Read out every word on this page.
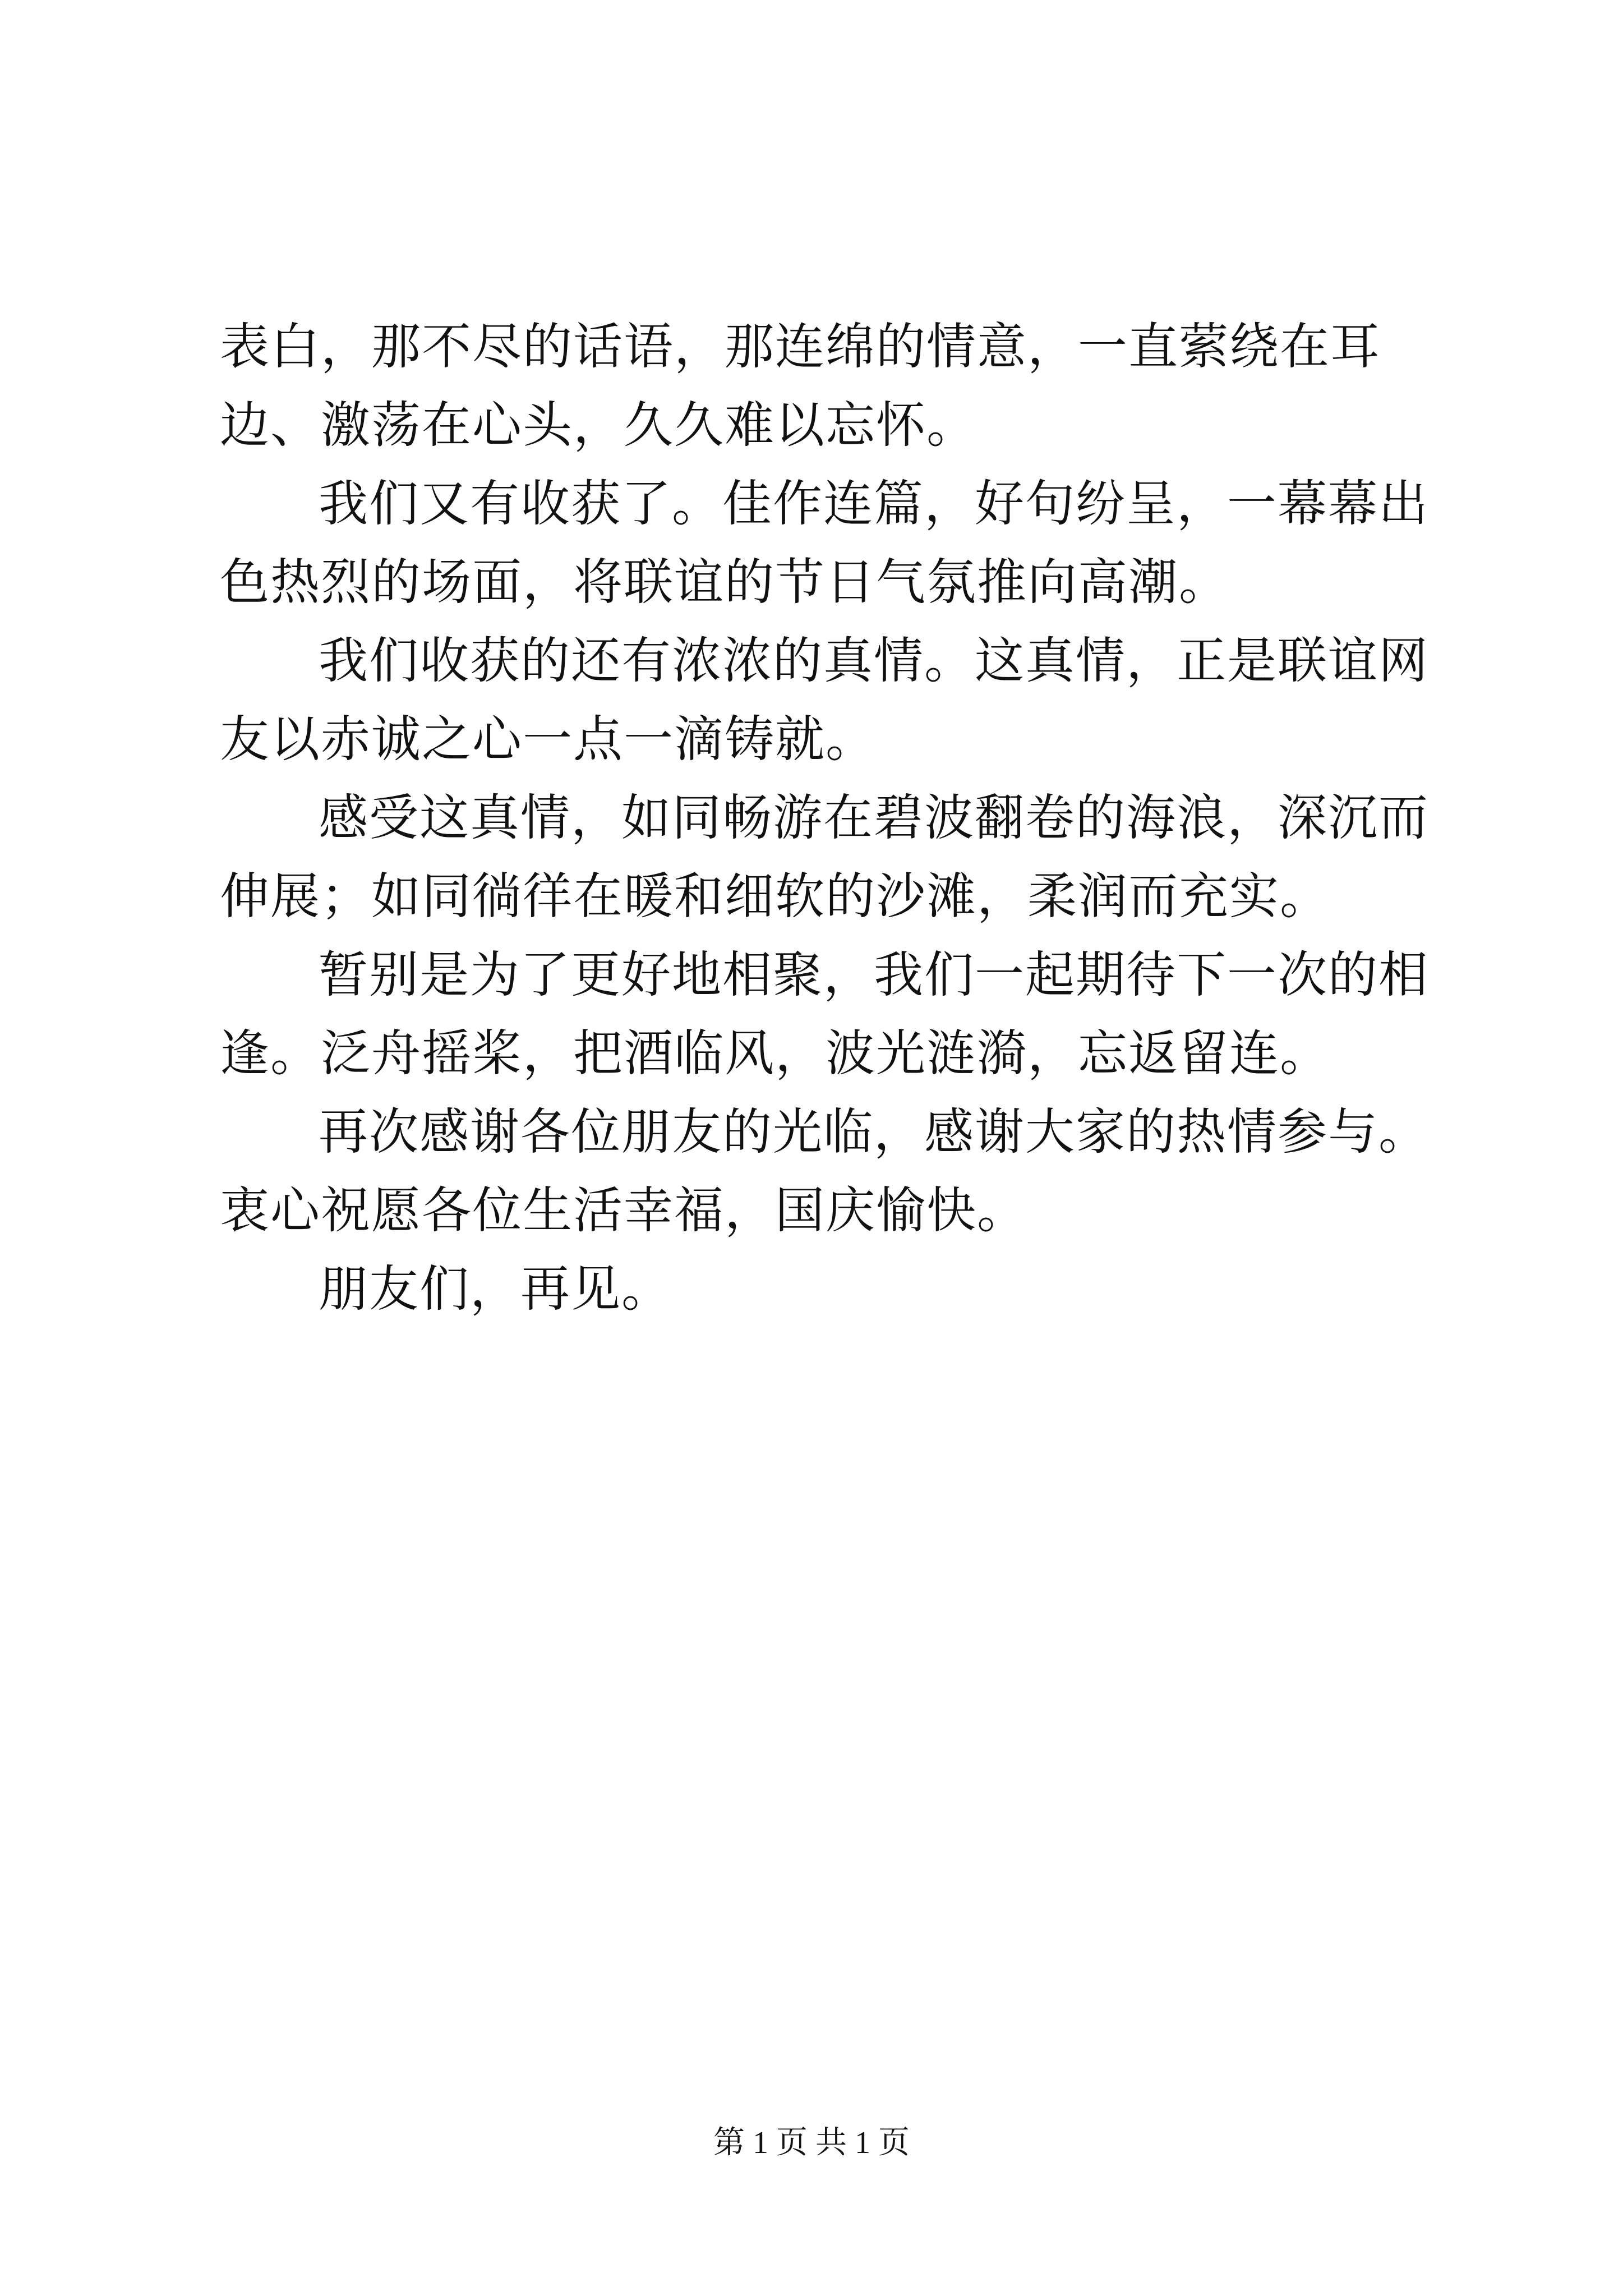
表白，那不尽的话语，那连绵的情意，一直萦绕在耳边、激荡在心头，久久难以忘怀。

我们又有收获了。佳作连篇，好句纷呈，一幕幕出色热烈的场面，将联谊的节日气氛推向高潮。

我们收获的还有浓浓的真情。这真情，正是联谊网友以赤诚之心一点一滴铸就。

感受这真情，如同畅游在碧波翻卷的海浪，深沉而伸展；如同徜徉在暖和细软的沙滩，柔润而充实。

暂别是为了更好地相聚，我们一起期待下一次的相逢。泛舟摇桨，把酒临风，波光涟漪，忘返留连。

再次感谢各位朋友的光临，感谢大家的热情参与。衷心祝愿各位生活幸福，国庆愉快。

朋友们，再见。

第 1 页 共 1 页
